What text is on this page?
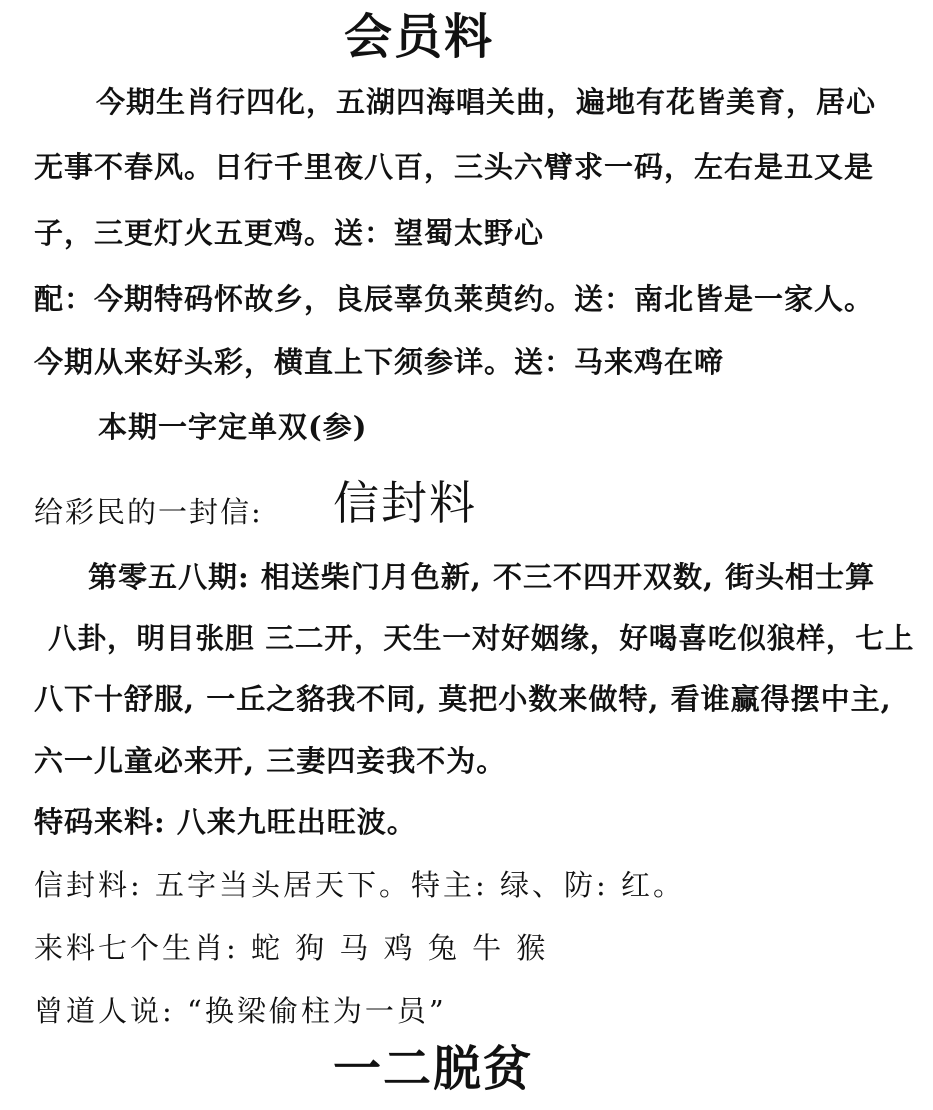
会员料
今期生肖行四化，五湖四海唱关曲，遍地有花皆美育，居心
无事不春风。日行千里夜八百，三头六臂求一码，左右是丑又是
子，三更灯火五更鸡。送：望蜀太野心
配：今期特码怀故乡，良辰辜负莱萸约。送：南北皆是一家人。
今期从来好头彩，横直上下须参详。送：马来鸡在啼
本期一字定单双(参)
给彩民的一封信: 信封料
第零五八期: 相送柴门月色新, 不三不四开双数, 街头相士算
八卦，明目张胆 三二开，天生一对好姻缘，好喝喜吃似狼样，七上
八下十舒服, 一丘之貉我不同, 莫把小数来做特, 看谁赢得摆中主,
六一儿童必来开, 三妻四妾我不为。
特码来料: 八来九旺出旺波。
信封料: 五字当头居天下。特主: 绿、防: 红。
来料七个生肖: 蛇 狗 马 鸡 兔 牛 猴
曾道人说: “换梁偷柱为一员”
一二脱贫
